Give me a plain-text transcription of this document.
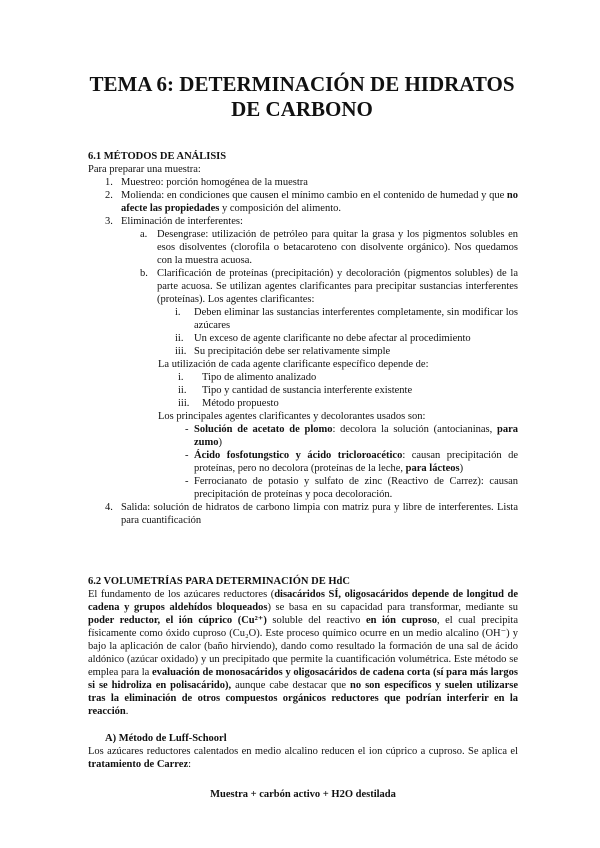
TEMA 6: DETERMINACIÓN DE HIDRATOS DE CARBONO

6.1 MÉTODOS DE ANÁLISIS

Para preparar una muestra:

1. Muestreo: porción homogénea de la muestra
2. Molienda: en condiciones que causen el mínimo cambio en el contenido de humedad y que no afecte las propiedades y composición del alimento.
3. Eliminación de interferentes:
a. Desengrase: utilización de petróleo para quitar la grasa y los pigmentos solubles en esos disolventes (clorofila o betacaroteno con disolvente orgánico). Nos quedamos con la muestra acuosa.
b. Clarificación de proteínas (precipitación) y decoloración (pigmentos solubles) de la parte acuosa. Se utilizan agentes clarificantes para precipitar sustancias interferentes (proteínas). Los agentes clarificantes:
i.	Deben eliminar las sustancias interferentes completamente, sin modificar los azúcares
ii.	Un exceso de agente clarificante no debe afectar al procedimiento
iii. Su precipitación debe ser relativamente simple

La utilización de cada agente clarificante específico depende de:

i.	Tipo de alimento analizado
ii.	Tipo y cantidad de sustancia interferente existente
iii.	Método propuesto

Los principales agentes clarificantes y decolorantes usados son:

- Solución de acetato de plomo: decolora la solución (antocianinas, para zumo)
- Ácido fosfotungstico y ácido tricloroacético: causan precipitación de proteínas, pero no decolora (proteínas de la leche, para lácteos)
- Ferrocianato de potasio y sulfato de zinc (Reactivo de Carrez): causan precipitación de proteínas y poca decoloración.
4. Salida: solución de hidratos de carbono limpia con matriz pura y libre de interferentes. Lista para cuantificación

6.2 VOLUMETRÍAS PARA DETERMINACIÓN DE HdC

El fundamento de los azúcares reductores (disacáridos SÍ, oligosacáridos depende de longitud de cadena y grupos aldehídos bloqueados) se basa en su capacidad para transformar, mediante su poder reductor, el ión cúprico (Cu²⁺) soluble del reactivo en ión cuproso, el cual precipita físicamente como óxido cuproso (Cu₂O). Este proceso químico ocurre en un medio alcalino (OH⁻) y bajo la aplicación de calor (baño hirviendo), dando como resultado la formación de una sal de ácido aldónico (azúcar oxidado) y un precipitado que permite la cuantificación volumétrica. Este método se emplea para la evaluación de monosacáridos y oligosacáridos de cadena corta (sí para más largos si se hidroliza en polisacárido), aunque cabe destacar que no son específicos y suelen utilizarse tras la eliminación de otros compuestos orgánicos reductores que podrían interferir en la reacción.

A) Método de Luff-Schoorl

Los azúcares reductores calentados en medio alcalino reducen el ion cúprico a cuproso. Se aplica el tratamiento de Carrez:

Muestra + carbón activo + H2O destilada
